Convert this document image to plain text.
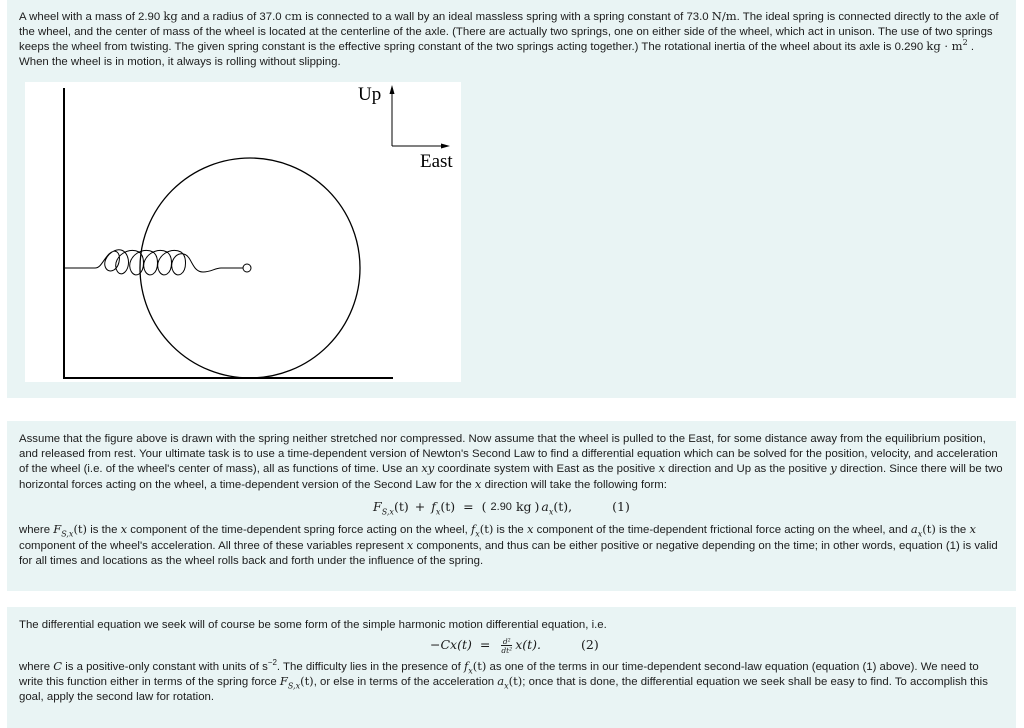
A wheel with a mass of 2.90 kg and a radius of 37.0 cm is connected to a wall by an ideal massless spring with a spring constant of 73.0 N/m. The ideal spring is connected directly to the axle of the wheel, and the center of mass of the wheel is located at the centerline of the axle. (There are actually two springs, one on either side of the wheel, which act in unison. The use of two springs keeps the wheel from twisting. The given spring constant is the effective spring constant of the two springs acting together.) The rotational inertia of the wheel about its axle is 0.290 kg · $m^2$ . When the wheel is in motion, it always is rolling without slipping.

Up
East

Assume that the figure above is drawn with the spring neither stretched nor compressed. Now assume that the wheel is pulled to the East, for some distance away from the equilibrium position, and released from rest. Your ultimate task is to use a time-dependent version of Newton's Second Law to find a differential equation which can be solved for the position, velocity, and acceleration of the wheel (i.e. of the wheel's center of mass), all as functions of time. Use an xy coordinate system with East as the positive x direction and Up as the positive y direction. Since there will be two horizontal forces acting on the wheel, a time-dependent version of the Second Law for the x direction will take the following form:

$F_{S,x}(t) + f_x(t)$ = ( 2.90 kg ) $a_x(t)$,	(1)

where $F_{S,x}(t)$ is the x component of the time-dependent spring force acting on the wheel, $f_x(t)$ is the x component of the time-dependent frictional force acting on the wheel, and $a_x(t)$ is the x component of the wheel's acceleration. All three of these variables represent x components, and thus can be either positive or negative depending on the time; in other words, equation (1) is valid for all times and locations as the wheel rolls back and forth under the influence of the spring.

The differential equation we seek will of course be some form of the simple harmonic motion differential equation, i.e.

$-Cx(t) = \frac{\text{d²}}{\text{dt²}} x(t)$.	(2)

where C is a positive-only constant with units of $s^{-2}$. The difficulty lies in the presence of $f_x(t)$ as one of the terms in our time-dependent second-law equation (equation (1) above). We need to write this function either in terms of the spring force $F_{S,x}(t)$, or else in terms of the acceleration $a_x(t)$; once that is done, the differential equation we seek shall be easy to find. To accomplish this goal, apply the second law for rotation.
